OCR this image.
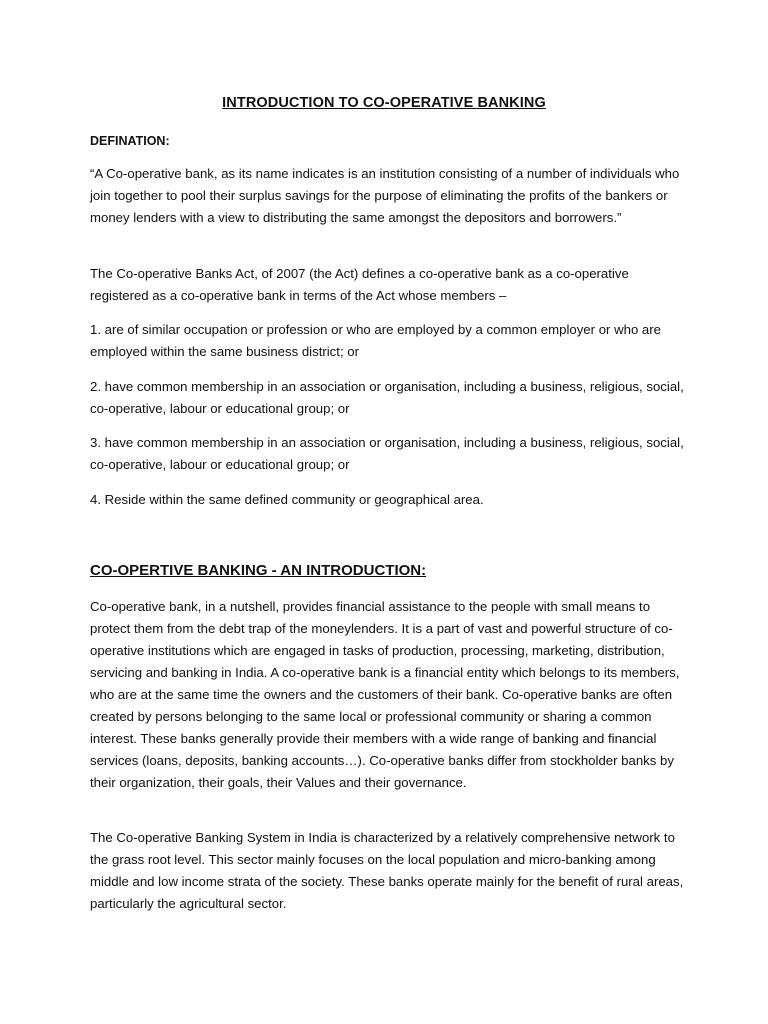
INTRODUCTION TO CO-OPERATIVE BANKING
DEFINATION:

“A Co-operative bank, as its name indicates is an institution consisting of a number of individuals who join together to pool their surplus savings for the purpose of eliminating the profits of the bankers or money lenders with a view to distributing the same amongst the depositors and borrowers.”

The Co-operative Banks Act, of 2007 (the Act) defines a co-operative bank as a co-operative registered as a co-operative bank in terms of the Act whose members –

1. are of similar occupation or profession or who are employed by a common employer or who are employed within the same business district; or

2. have common membership in an association or organisation, including a business, religious, social, co-operative, labour or educational group; or

3. have common membership in an association or organisation, including a business, religious, social, co-operative, labour or educational group; or

4. Reside within the same defined community or geographical area.

CO-OPERTIVE BANKING - AN INTRODUCTION:

Co-operative bank, in a nutshell, provides financial assistance to the people with small means to protect them from the debt trap of the moneylenders. It is a part of vast and powerful structure of co-operative institutions which are engaged in tasks of production, processing, marketing, distribution, servicing and banking in India. A co-operative bank is a financial entity which belongs to its members, who are at the same time the owners and the customers of their bank. Co-operative banks are often created by persons belonging to the same local or professional community or sharing a common interest. These banks generally provide their members with a wide range of banking and financial services (loans, deposits, banking accounts…). Co-operative banks differ from stockholder banks by their organization, their goals, their Values and their governance.

The Co-operative Banking System in India is characterized by a relatively comprehensive network to the grass root level. This sector mainly focuses on the local population and micro-banking among middle and low income strata of the society. These banks operate mainly for the benefit of rural areas, particularly the agricultural sector.
